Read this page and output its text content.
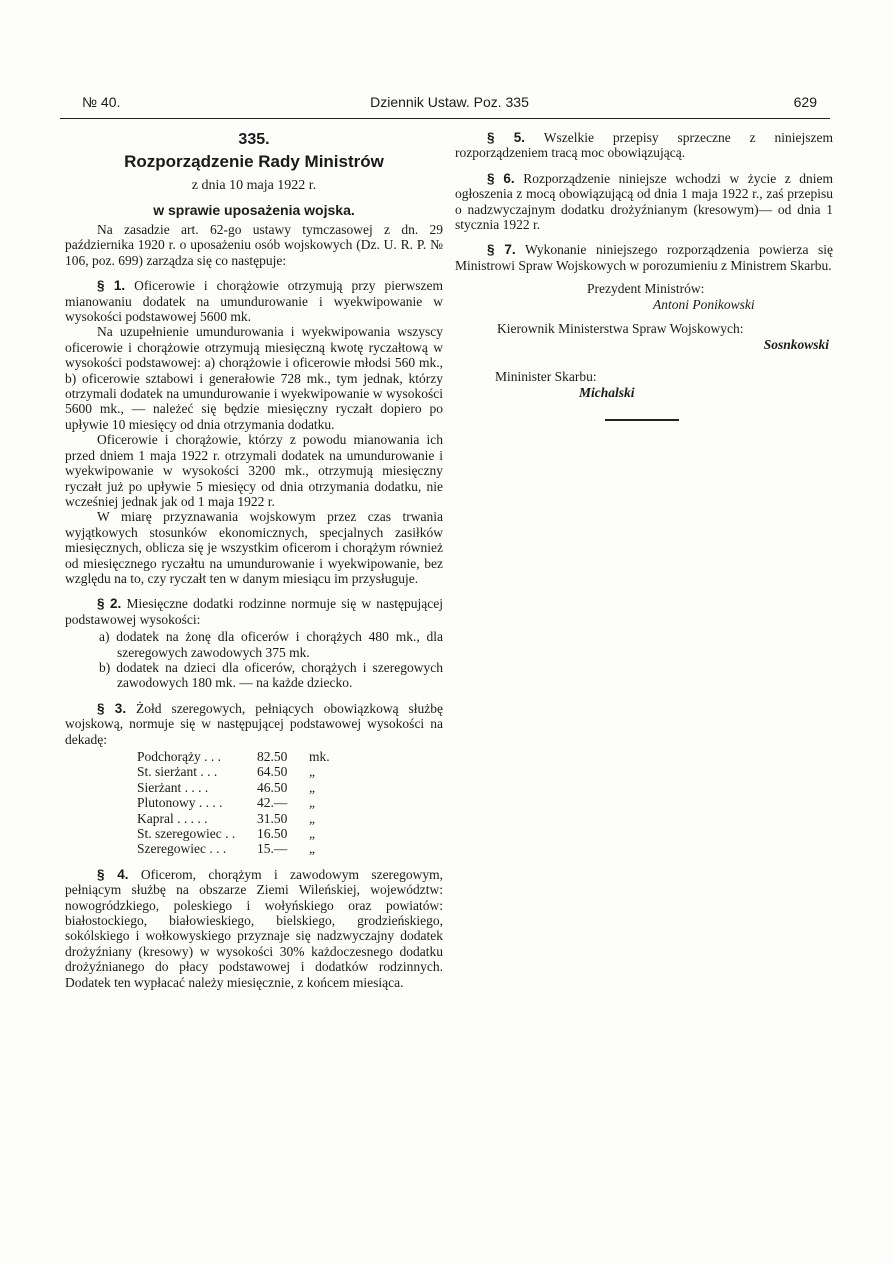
№ 40.	Dziennik Ustaw. Poz. 335	629

335.

Rozporządzenie Rady Ministrów

z dnia 10 maja 1922 r.

w sprawie uposażenia wojska.

Na zasadzie art. 62-go ustawy tymczasowej z dn. 29 października 1920 r. o uposażeniu osób wojskowych (Dz. U. R. P. № 106, poz. 699) zarządza się co następuje:

§ 1. Oficerowie i chorążowie otrzymują przy pierwszem mianowaniu dodatek na umundurowanie i wyekwipowanie w wysokości podstawowej 5600 mk.

Na uzupełnienie umundurowania i wyekwipowania wszyscy oficerowie i chorążowie otrzymują miesięczną kwotę ryczałtową w wysokości podstawowej: a) chorążowie i oficerowie młodsi 560 mk., b) oficerowie sztabowi i generałowie 728 mk., tym jednak, którzy otrzymali dodatek na umundurowanie i wyekwipowanie w wysokości 5600 mk., — należeć się będzie miesięczny ryczałt dopiero po upływie 10 miesięcy od dnia otrzymania dodatku.

Oficerowie i chorążowie, którzy z powodu mianowania ich przed dniem 1 maja 1922 r. otrzymali dodatek na umundurowanie i wyekwipowanie w wysokości 3200 mk., otrzymują miesięczny ryczałt już po upływie 5 miesięcy od dnia otrzymania dodatku, nie wcześniej jednak jak od 1 maja 1922 r.

W miarę przyznawania wojskowym przez czas trwania wyjątkowych stosunków ekonomicznych, specjalnych zasiłków miesięcznych, oblicza się je wszystkim oficerom i chorążym również od miesięcznego ryczałtu na umundurowanie i wyekwipowanie, bez względu na to, czy ryczałt ten w danym miesiącu im przysługuje.

§ 2. Miesięczne dodatki rodzinne normuje się w następującej podstawowej wysokości:

a) dodatek na żonę dla oficerów i chorążych 480 mk., dla szeregowych zawodowych 375 mk.

b) dodatek na dzieci dla oficerów, chorążych i szeregowych zawodowych 180 mk. — na każde dziecko.

§ 3. Żołd szeregowych, pełniących obowiązkową służbę wojskową, normuje się w następującej podstawowej wysokości na dekadę:

Podchorąży . . .	82.50	mk.
St. sierżant . . .	64.50	„
Sierżant . . . .	46.50	„
Plutonowy . . . .	42.—	„
Kapral . . . . .	31.50	„
St. szeregowiec . .	16.50	„
Szeregowiec . . .	15.—	„

§ 4. Oficerom, chorążym i zawodowym szeregowym, pełniącym służbę na obszarze Ziemi Wileńskiej, województw: nowogródzkiego, poleskiego i wołyńskiego oraz powiatów: białostockiego, białowieskiego, bielskiego, grodzieńskiego, sokólskiego i wołkowyskiego przyznaje się nadzwyczajny dodatek drożyźniany (kresowy) w wysokości 30% każdoczesnego dodatku drożyźnianego do płacy podstawowej i dodatków rodzinnych. Dodatek ten wypłacać należy miesięcznie, z końcem miesiąca.

§ 5. Wszelkie przepisy sprzeczne z niniejszem rozporządzeniem tracą moc obowiązującą.

§ 6. Rozporządzenie niniejsze wchodzi w życie z dniem ogłoszenia z mocą obowiązującą od dnia 1 maja 1922 r., zaś przepisu o nadzwyczajnym dodatku drożyźnianym (kresowym)— od dnia 1 stycznia 1922 r.

§ 7. Wykonanie niniejszego rozporządzenia powierza się Ministrowi Spraw Wojskowych w porozumieniu z Ministrem Skarbu.

Prezydent Ministrów:

Antoni Ponikowski

Kierownik Ministerstwa Spraw Wojskowych:

Sosnkowski

Mininister Skarbu:

Michalski
